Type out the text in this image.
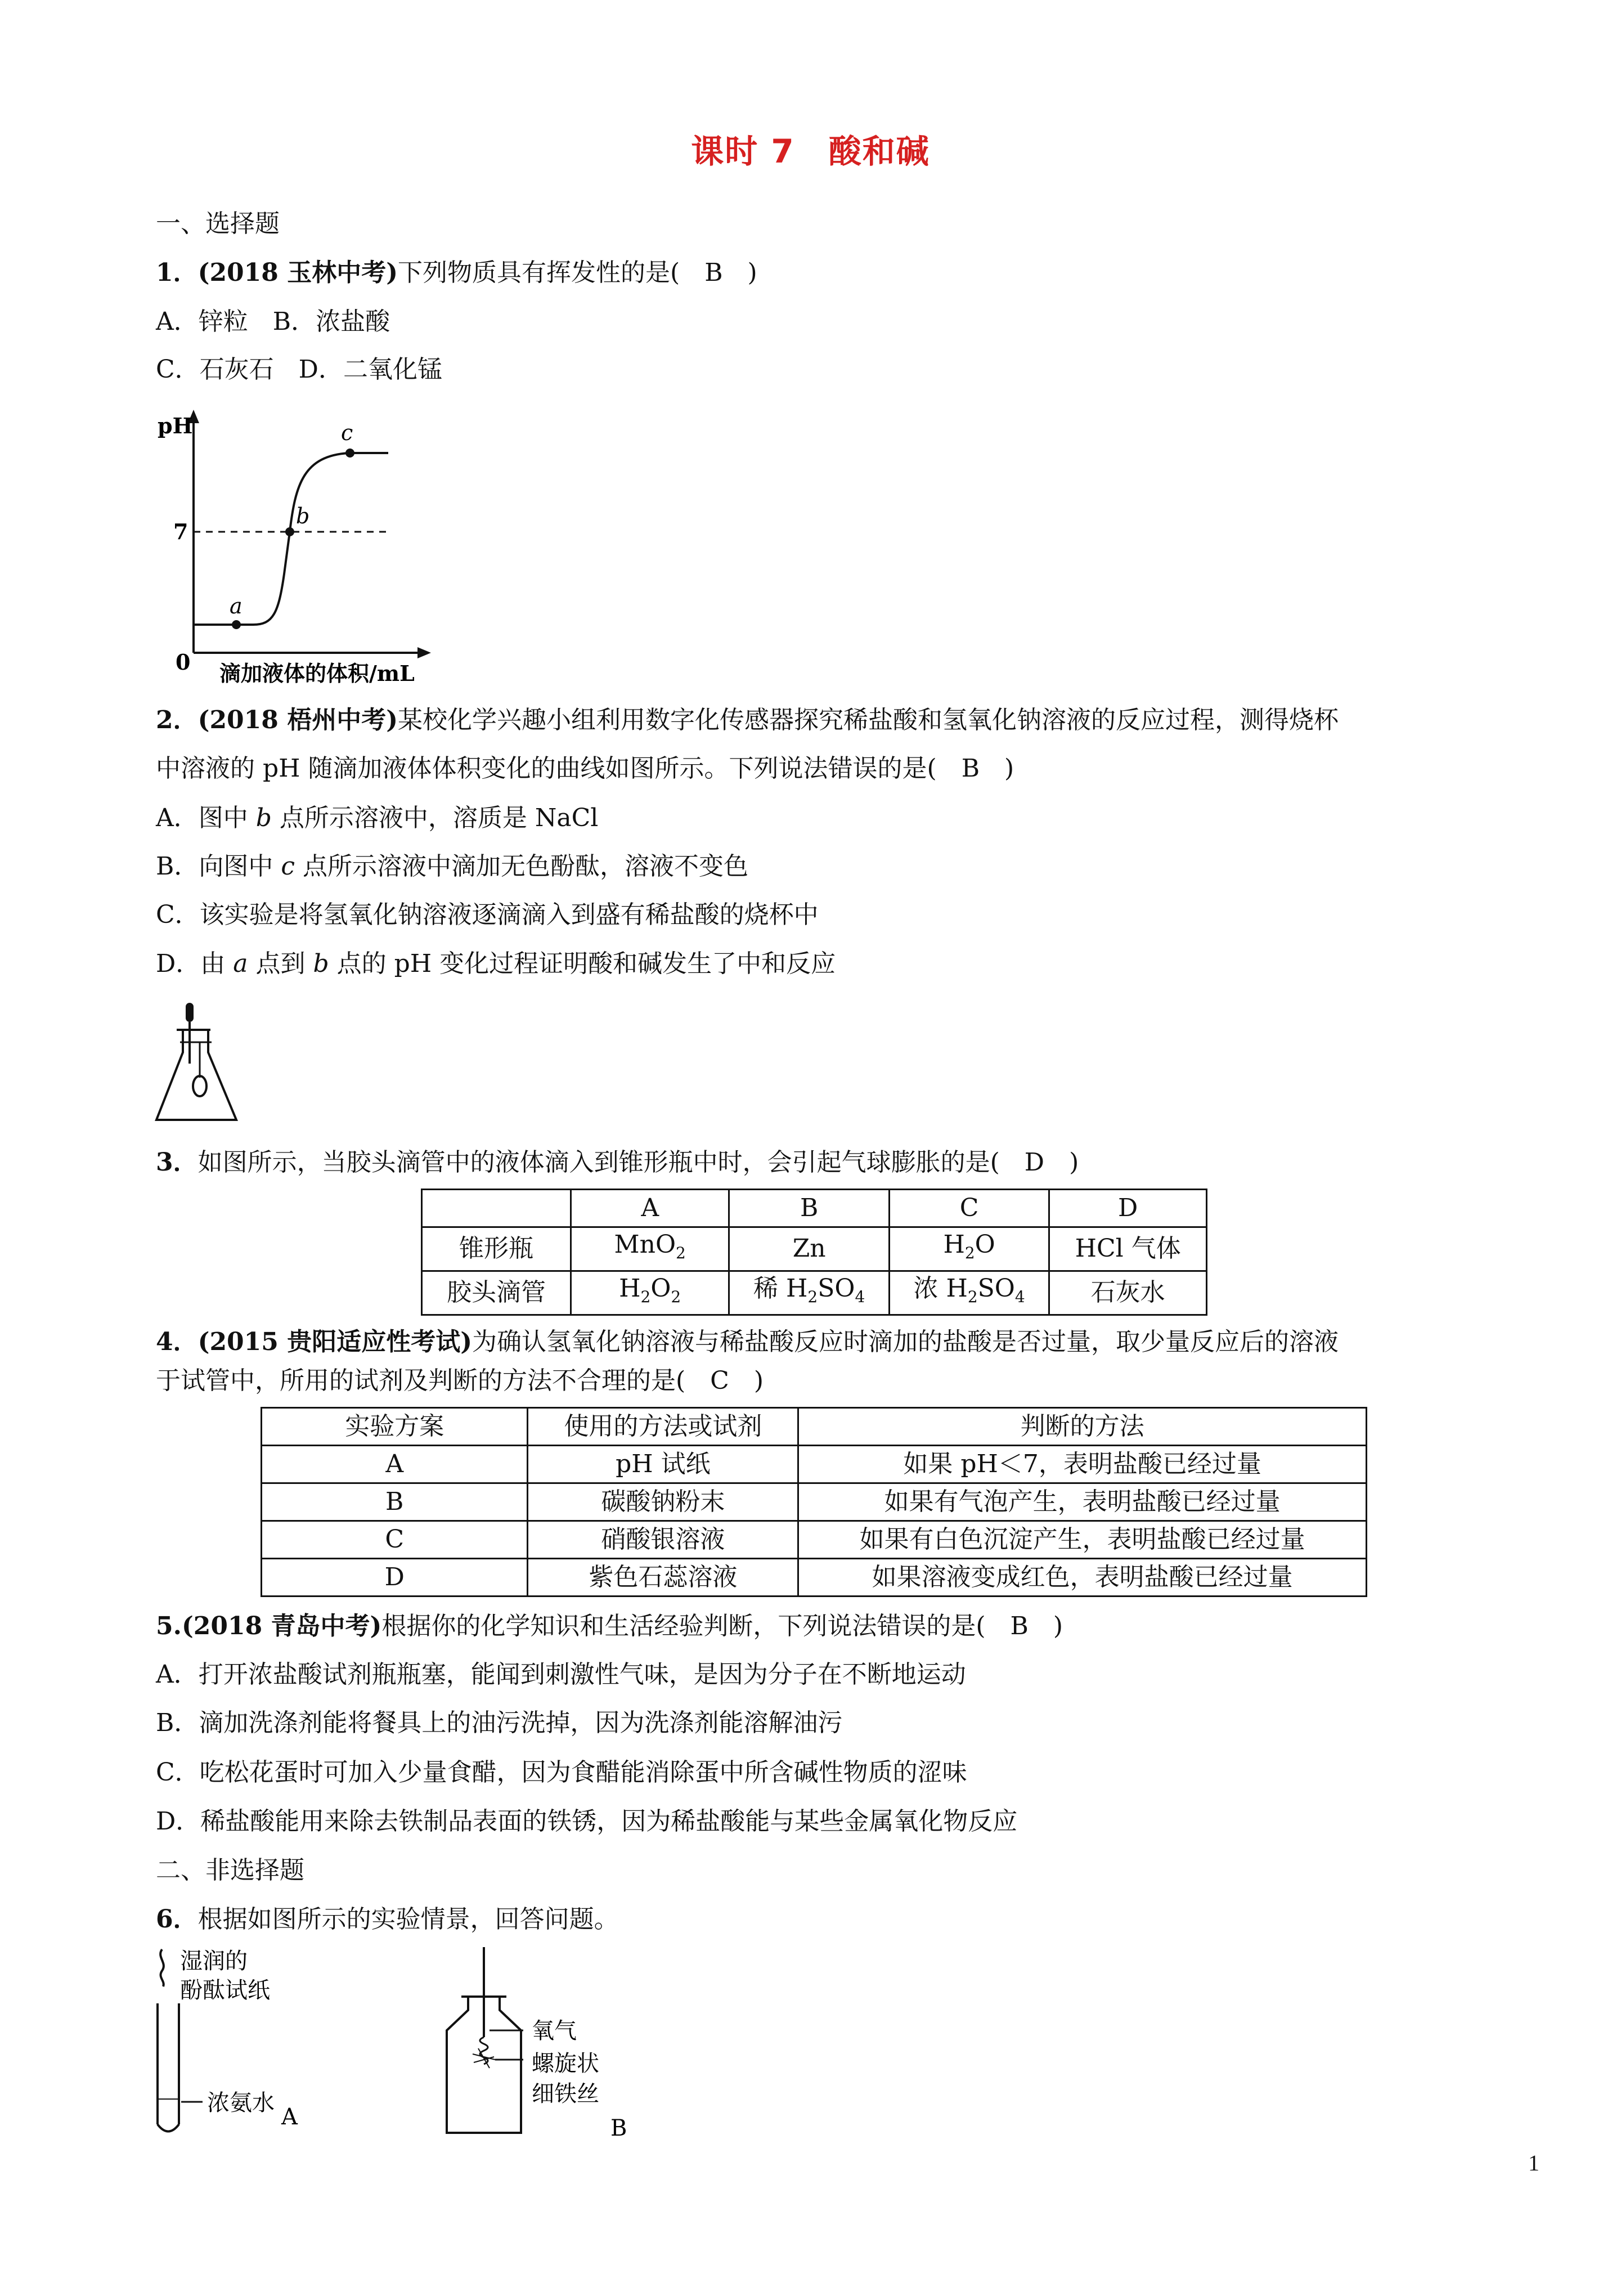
课时 7　酸和碱
一、选择题
1．(2018 玉林中考)下列物质具有挥发性的是(　B　)
A．锌粒　B．浓盐酸
C．石灰石　D．二氧化锰
pH
7
0
a
b
c
滴加液体的体积/mL
2．(2018 梧州中考)某校化学兴趣小组利用数字化传感器探究稀盐酸和氢氧化钠溶液的反应过程，测得烧杯
中溶液的 pH 随滴加液体体积变化的曲线如图所示。下列说法错误的是(　B　)
A．图中 b 点所示溶液中，溶质是 NaCl
B．向图中 c 点所示溶液中滴加无色酚酞，溶液不变色
C．该实验是将氢氧化钠溶液逐滴滴入到盛有稀盐酸的烧杯中
D．由 a 点到 b 点的 pH 变化过程证明酸和碱发生了中和反应
3．如图所示，当胶头滴管中的液体滴入到锥形瓶中时，会引起气球膨胀的是(　D　)
	A	B	C	D
锥形瓶	MnO$_2$	Zn	$H_2O$	HCl 气体
胶头滴管	$H_2O_2$	稀 $H_2SO_4$	浓 $H_2SO_4$	石灰水
4．(2015 贵阳适应性考试)为确认氢氧化钠溶液与稀盐酸反应时滴加的盐酸是否过量，取少量反应后的溶液
于试管中，所用的试剂及判断的方法不合理的是(　C　)
实验方案	使用的方法或试剂	判断的方法
A	pH 试纸	如果 pH＜7，表明盐酸已经过量
B	碳酸钠粉末	如果有气泡产生，表明盐酸已经过量
C	硝酸银溶液	如果有白色沉淀产生，表明盐酸已经过量
D	紫色石蕊溶液	如果溶液变成红色，表明盐酸已经过量
5.(2018 青岛中考)根据你的化学知识和生活经验判断，下列说法错误的是(　B　)
A．打开浓盐酸试剂瓶瓶塞，能闻到刺激性气味，是因为分子在不断地运动
B．滴加洗涤剂能将餐具上的油污洗掉，因为洗涤剂能溶解油污
C．吃松花蛋时可加入少量食醋，因为食醋能消除蛋中所含碱性物质的涩味
D．稀盐酸能用来除去铁制品表面的铁锈，因为稀盐酸能与某些金属氧化物反应
二、非选择题
6．根据如图所示的实验情景，回答问题。
湿润的
酚酞试纸
浓氨水
A
氧气
螺旋状
细铁丝
B
1
